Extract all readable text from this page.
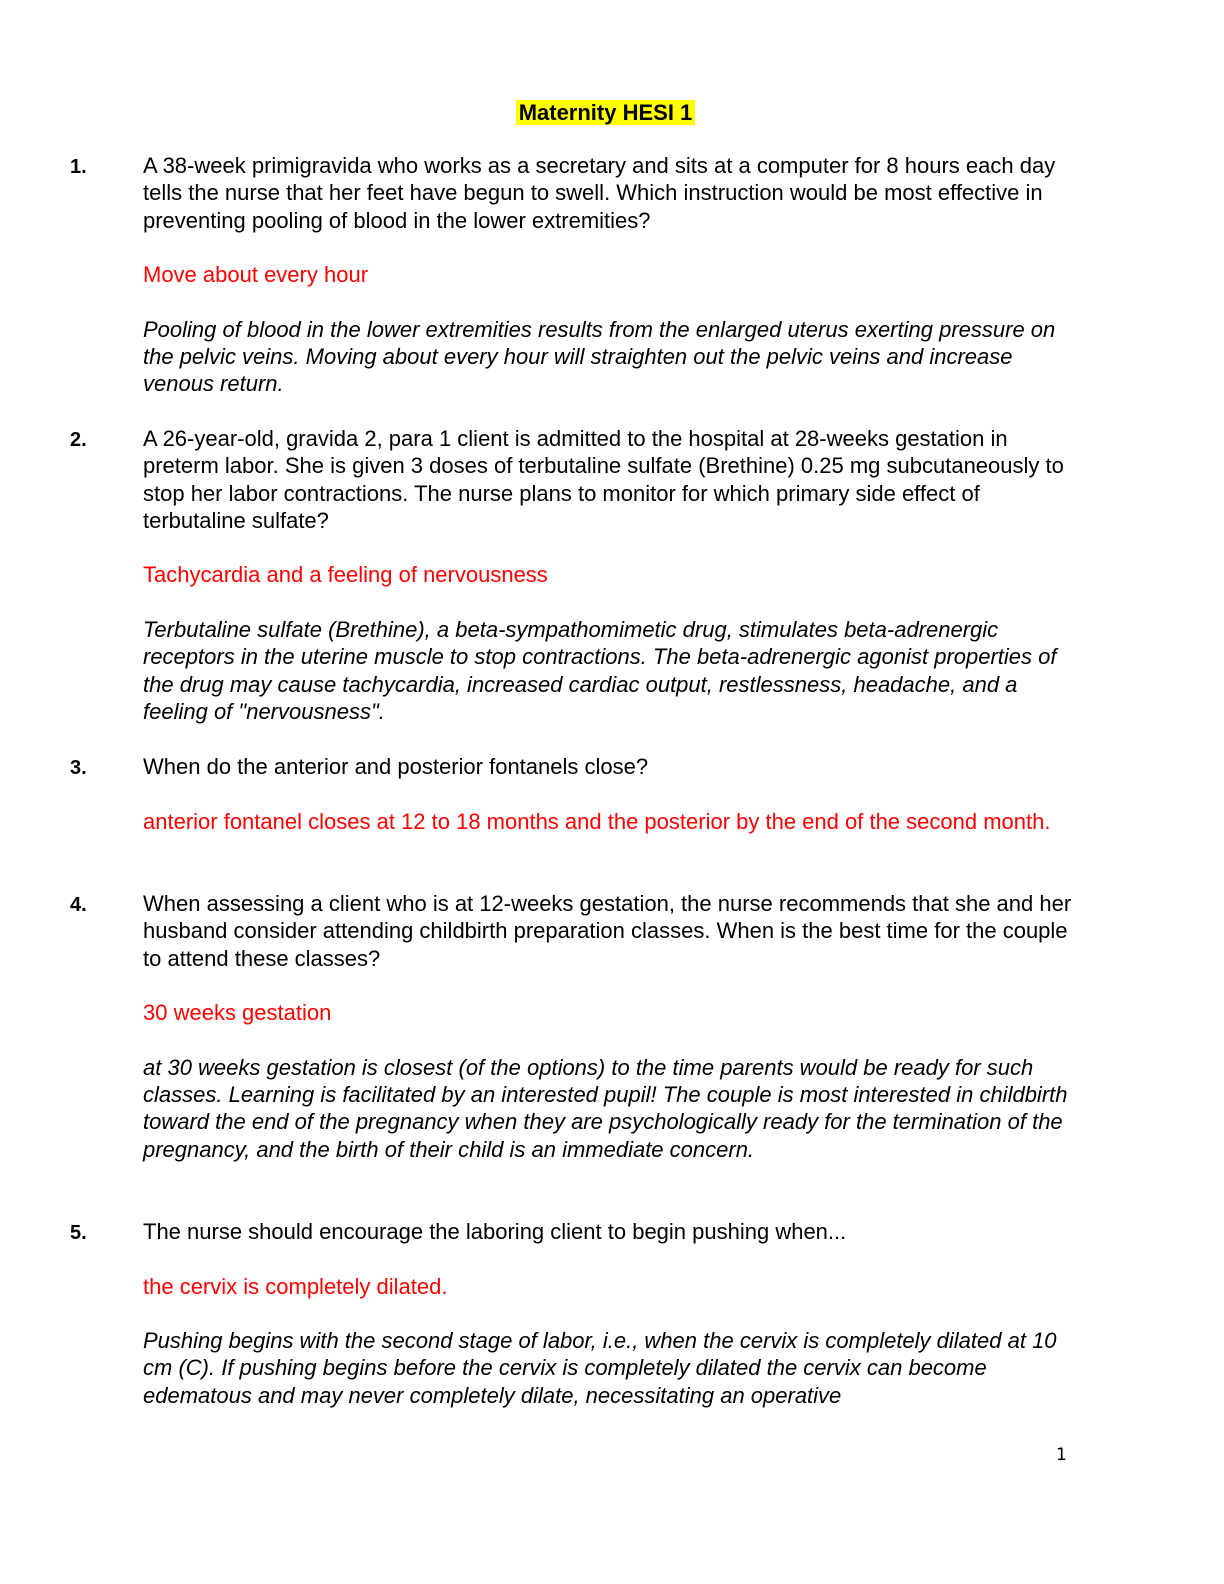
Maternity HESI 1
1.	A 38-week primigravida who works as a secretary and sits at a computer for 8 hours each day tells the nurse that her feet have begun to swell. Which instruction would be most effective in preventing pooling of blood in the lower extremities?

Move about every hour

Pooling of blood in the lower extremities results from the enlarged uterus exerting pressure on the pelvic veins. Moving about every hour will straighten out the pelvic veins and increase venous return.

2.	A 26-year-old, gravida 2, para 1 client is admitted to the hospital at 28-weeks gestation in preterm labor. She is given 3 doses of terbutaline sulfate (Brethine) 0.25 mg subcutaneously to stop her labor contractions. The nurse plans to monitor for which primary side effect of terbutaline sulfate?

Tachycardia and a feeling of nervousness

Terbutaline sulfate (Brethine), a beta-sympathomimetic drug, stimulates beta-adrenergic receptors in the uterine muscle to stop contractions. The beta-adrenergic agonist properties of the drug may cause tachycardia, increased cardiac output, restlessness, headache, and a feeling of "nervousness".

3.	When do the anterior and posterior fontanels close?

anterior fontanel closes at 12 to 18 months and the posterior by the end of the second month.

4.	When assessing a client who is at 12-weeks gestation, the nurse recommends that she and her husband consider attending childbirth preparation classes. When is the best time for the couple to attend these classes?

30 weeks gestation

at 30 weeks gestation is closest (of the options) to the time parents would be ready for such classes. Learning is facilitated by an interested pupil! The couple is most interested in childbirth toward the end of the pregnancy when they are psychologically ready for the termination of the pregnancy, and the birth of their child is an immediate concern.

5.	The nurse should encourage the laboring client to begin pushing when...

the cervix is completely dilated.

Pushing begins with the second stage of labor, i.e., when the cervix is completely dilated at 10 cm (C). If pushing begins before the cervix is completely dilated the cervix can become edematous and may never completely dilate, necessitating an operative

1
